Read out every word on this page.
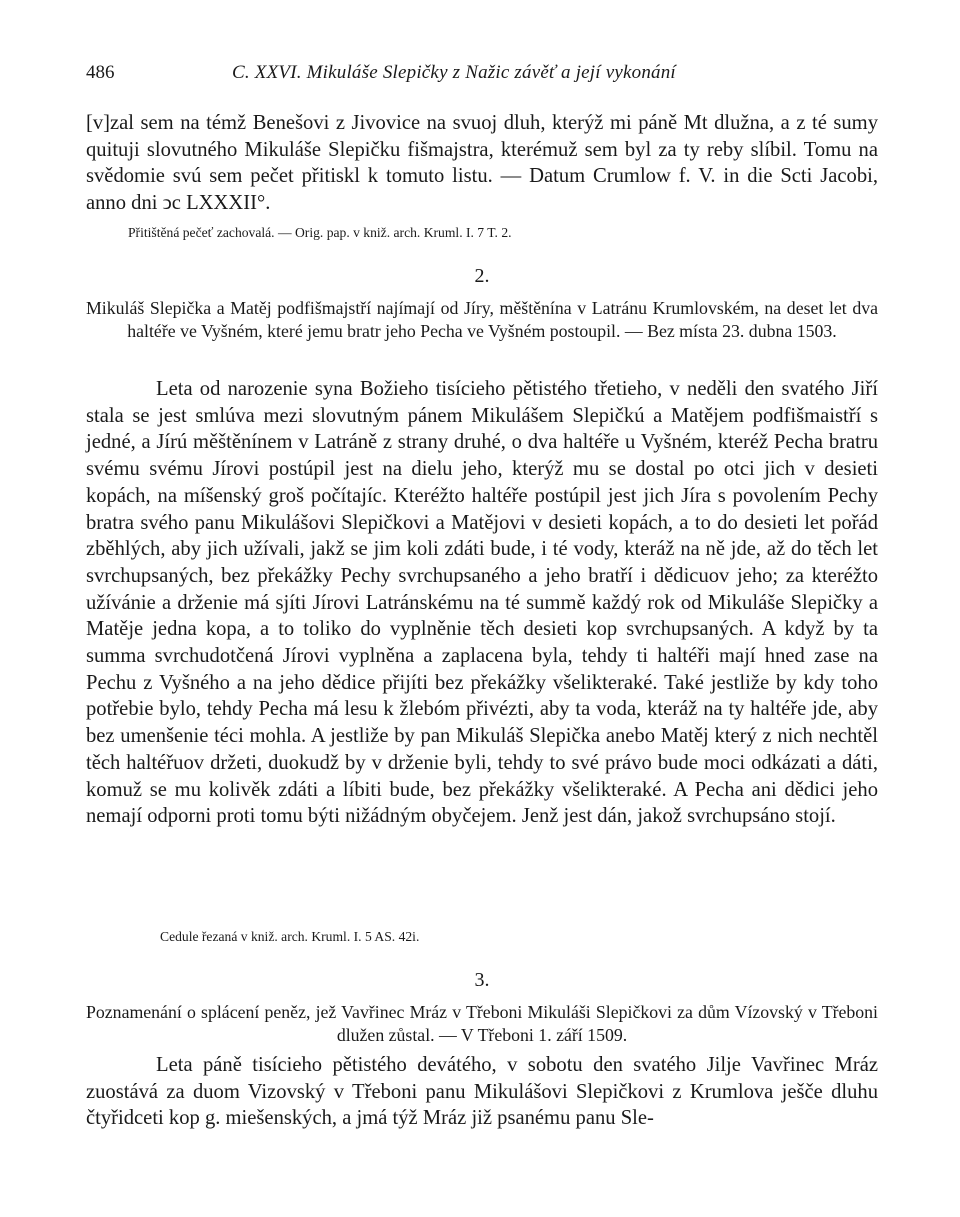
486	C. XXVI. Mikuláše Slepičky z Nažic závěť a její vykonání

[v]zal sem na témž Benešovi z Jivovice na svuoj dluh, kterýž mi páně Mt dlužna, a z té sumy quituji slovutného Mikuláše Slepičku fišmajstra, kterémuž sem byl za ty reby slíbil. Tomu na svědomie svú sem pečet přitiskl k tomuto listu. — Datum Crumlow f. V. in die Scti Jacobi, anno dni ↄc LXXXII°.

Přitištěná pečeť zachovalá. — Orig. pap. v kniž. arch. Kruml. I. 7 T. 2.

2.

Mikuláš Slepička a Matěj podfišmajstří najímají od Jíry, měštěnína v Latránu Krumlovském, na deset let dva haltéře ve Vyšném, které jemu bratr jeho Pecha ve Vyšném postoupil. — Bez místa 23. dubna 1503.

Leta od narozenie syna Božieho tisícieho pětistého třetieho, v neděli den svatého Jiří stala se jest smlúva mezi slovutným pánem Mikulášem Slepičkú a Matějem podfišmaistří s jedné, a Jírú měštěnínem v Latráně z strany druhé, o dva haltéře u Vyšném, kteréž Pecha bratru svému svému Jírovi postúpil jest na dielu jeho, kterýž mu se dostal po otci jich v desieti kopách, na míšenský groš počítajíc. Kteréžto haltéře postúpil jest jich Jíra s povolením Pechy bratra svého panu Mikulášovi Slepičkovi a Matějovi v desieti kopách, a to do desieti let pořád zběhlých, aby jich užívali, jakž se jim koli zdáti bude, i té vody, kteráž na ně jde, až do těch let svrchupsaných, bez překážky Pechy svrchupsaného a jeho bratří i dědicuov jeho; za kteréžto užívánie a drženie má sjíti Jírovi Latránskému na té summě každý rok od Mikuláše Slepičky a Matěje jedna kopa, a to toliko do vyplněnie těch desieti kop svrchupsaných. A když by ta summa svrchudotčená Jírovi vyplněna a zaplacena byla, tehdy ti haltéři mají hned zase na Pechu z Vyšného a na jeho dědice přijíti bez překážky všelikteraké. Také jestliže by kdy toho potřebie bylo, tehdy Pecha má lesu k žlebóm přivézti, aby ta voda, kteráž na ty haltéře jde, aby bez umenšenie téci mohla. A jestliže by pan Mikuláš Slepička anebo Matěj který z nich nechtěl těch haltéřuov držeti, duokudž by v drženie byli, tehdy to své právo bude moci odkázati a dáti, komuž se mu kolivěk zdáti a líbiti bude, bez překážky všelikteraké. A Pecha ani dědici jeho nemají odporni proti tomu býti nižádným obyčejem. Jenž jest dán, jakož svrchupsáno stojí.

Cedule řezaná v kniž. arch. Kruml. I. 5 AS. 42i.

3.

Poznamenání o splácení peněz, jež Vavřinec Mráz v Třeboni Mikuláši Slepičkovi za dům Vízovský v Třeboni dlužen zůstal. — V Třeboni 1. září 1509.

Leta páně tisícieho pětistého devátého, v sobotu den svatého Jilje Vavřinec Mráz zuostává za duom Vizovský v Třeboni panu Mikulášovi Slepičkovi z Krumlova ješče dluhu čtyřidceti kop g. miešenských, a jmá týž Mráz již psanému panu Sle-
